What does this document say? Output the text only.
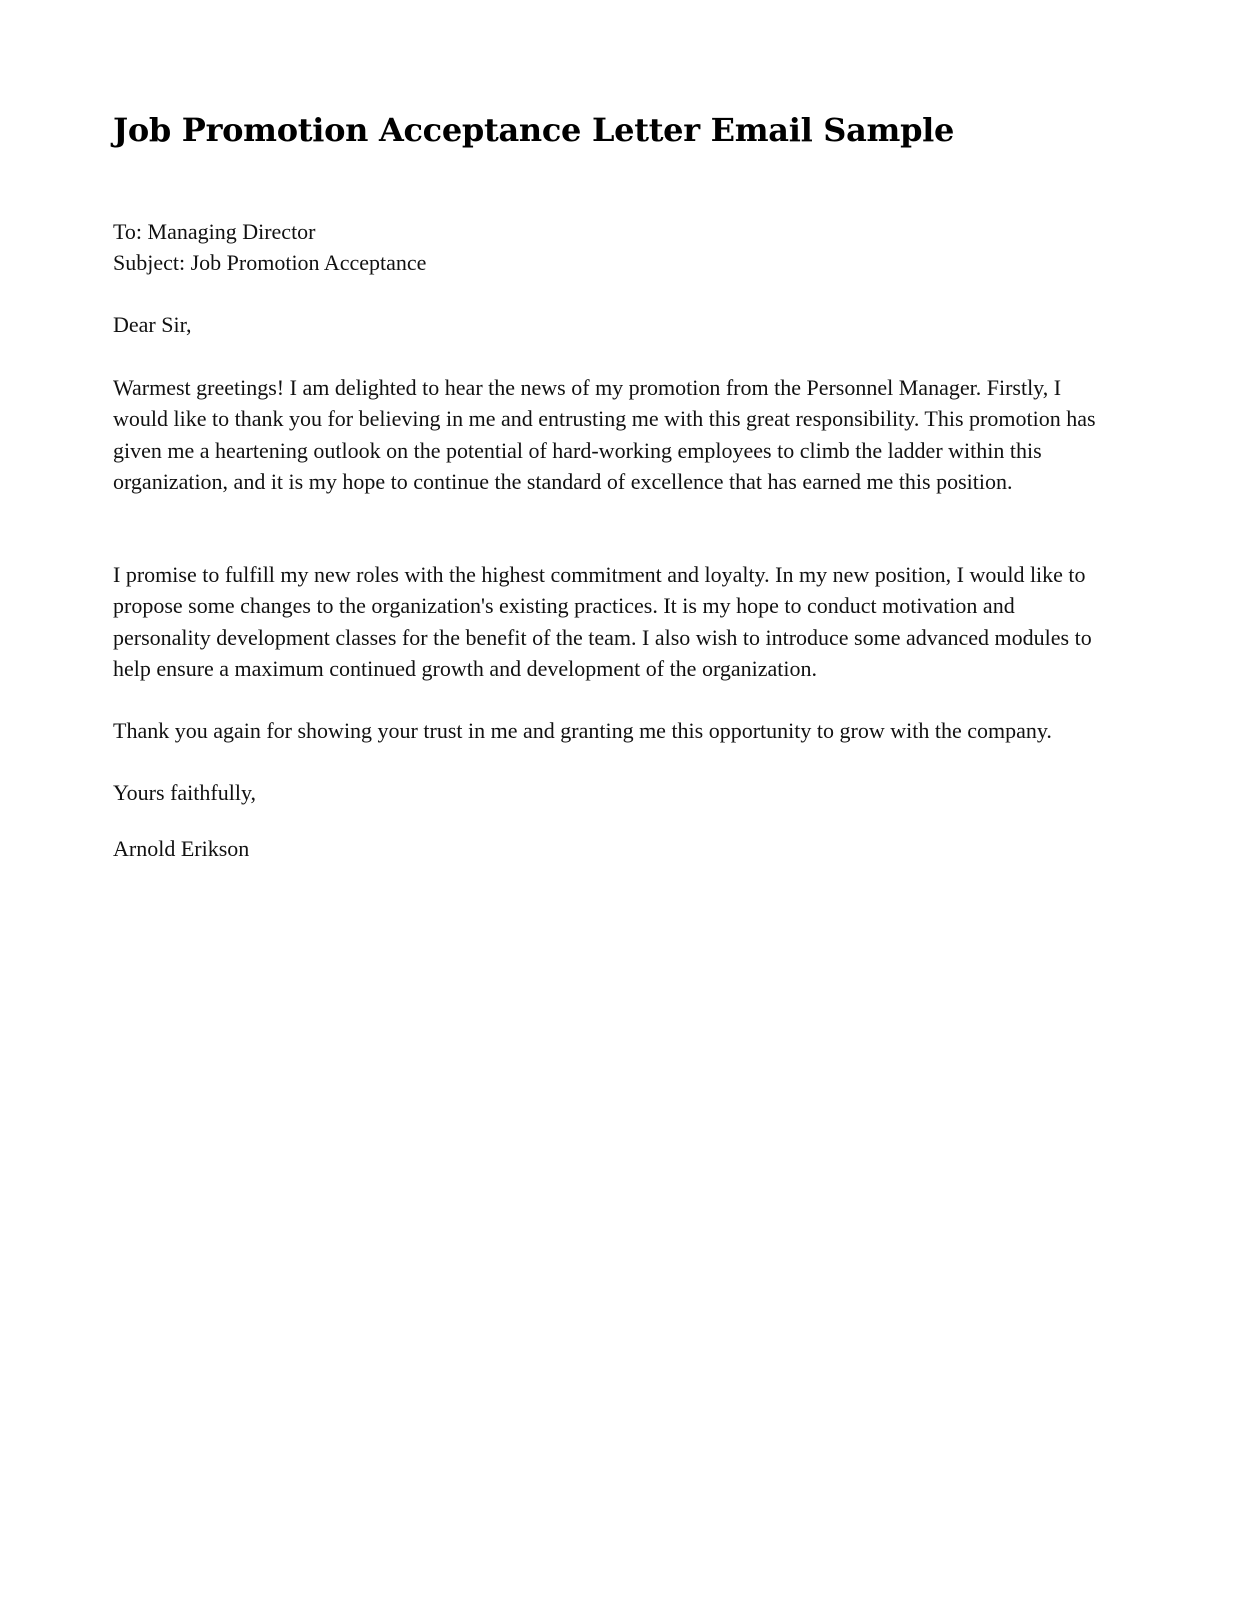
Job Promotion Acceptance Letter Email Sample

To: Managing Director

Subject: Job Promotion Acceptance

Dear Sir,

Warmest greetings! I am delighted to hear the news of my promotion from the Personnel Manager. Firstly, I would like to thank you for believing in me and entrusting me with this great responsibility. This promotion has given me a heartening outlook on the potential of hard-working employees to climb the ladder within this organization, and it is my hope to continue the standard of excellence that has earned me this position.

I promise to fulfill my new roles with the highest commitment and loyalty. In my new position, I would like to propose some changes to the organization's existing practices. It is my hope to conduct motivation and personality development classes for the benefit of the team. I also wish to introduce some advanced modules to help ensure a maximum continued growth and development of the organization.

Thank you again for showing your trust in me and granting me this opportunity to grow with the company.

Yours faithfully,

Arnold Erikson
